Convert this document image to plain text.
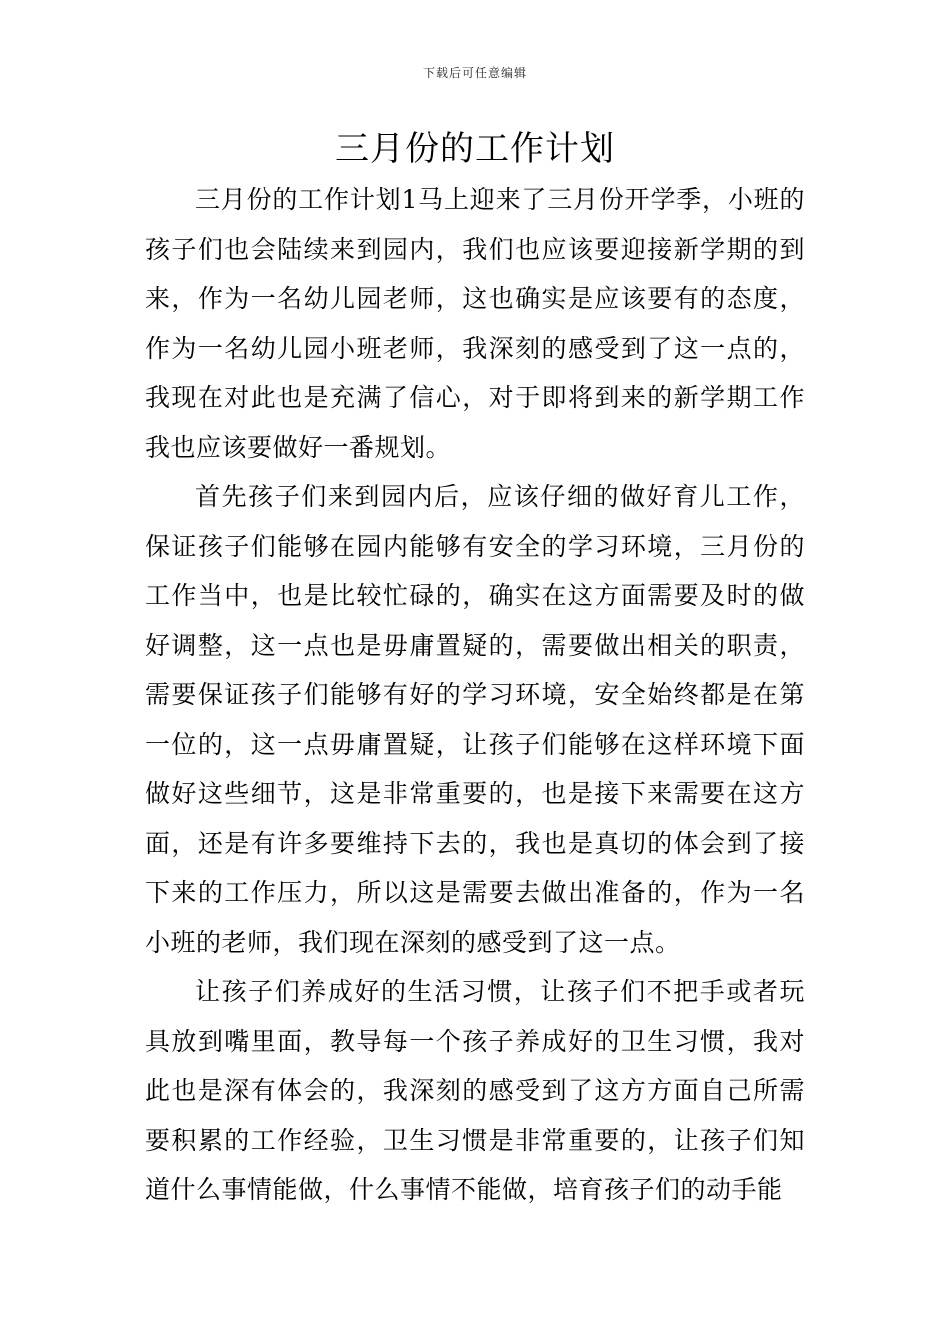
下载后可任意编辑
三月份的工作计划

三月份的工作计划1马上迎来了三月份开学季，小班的孩子们也会陆续来到园内，我们也应该要迎接新学期的到来，作为一名幼儿园老师，这也确实是应该要有的态度，作为一名幼儿园小班老师，我深刻的感受到了这一点的，我现在对此也是充满了信心，对于即将到来的新学期工作我也应该要做好一番规划。

首先孩子们来到园内后，应该仔细的做好育儿工作，保证孩子们能够在园内能够有安全的学习环境，三月份的工作当中，也是比较忙碌的，确实在这方面需要及时的做好调整，这一点也是毋庸置疑的，需要做出相关的职责，需要保证孩子们能够有好的学习环境，安全始终都是在第一位的，这一点毋庸置疑，让孩子们能够在这样环境下面做好这些细节，这是非常重要的，也是接下来需要在这方面，还是有许多要维持下去的，我也是真切的体会到了接下来的工作压力，所以这是需要去做出准备的，作为一名小班的老师，我们现在深刻的感受到了这一点。

让孩子们养成好的生活习惯，让孩子们不把手或者玩具放到嘴里面，教导每一个孩子养成好的卫生习惯，我对此也是深有体会的，我深刻的感受到了这方方面自己所需要积累的工作经验，卫生习惯是非常重要的，让孩子们知道什么事情能做，什么事情不能做，培育孩子们的动手能
